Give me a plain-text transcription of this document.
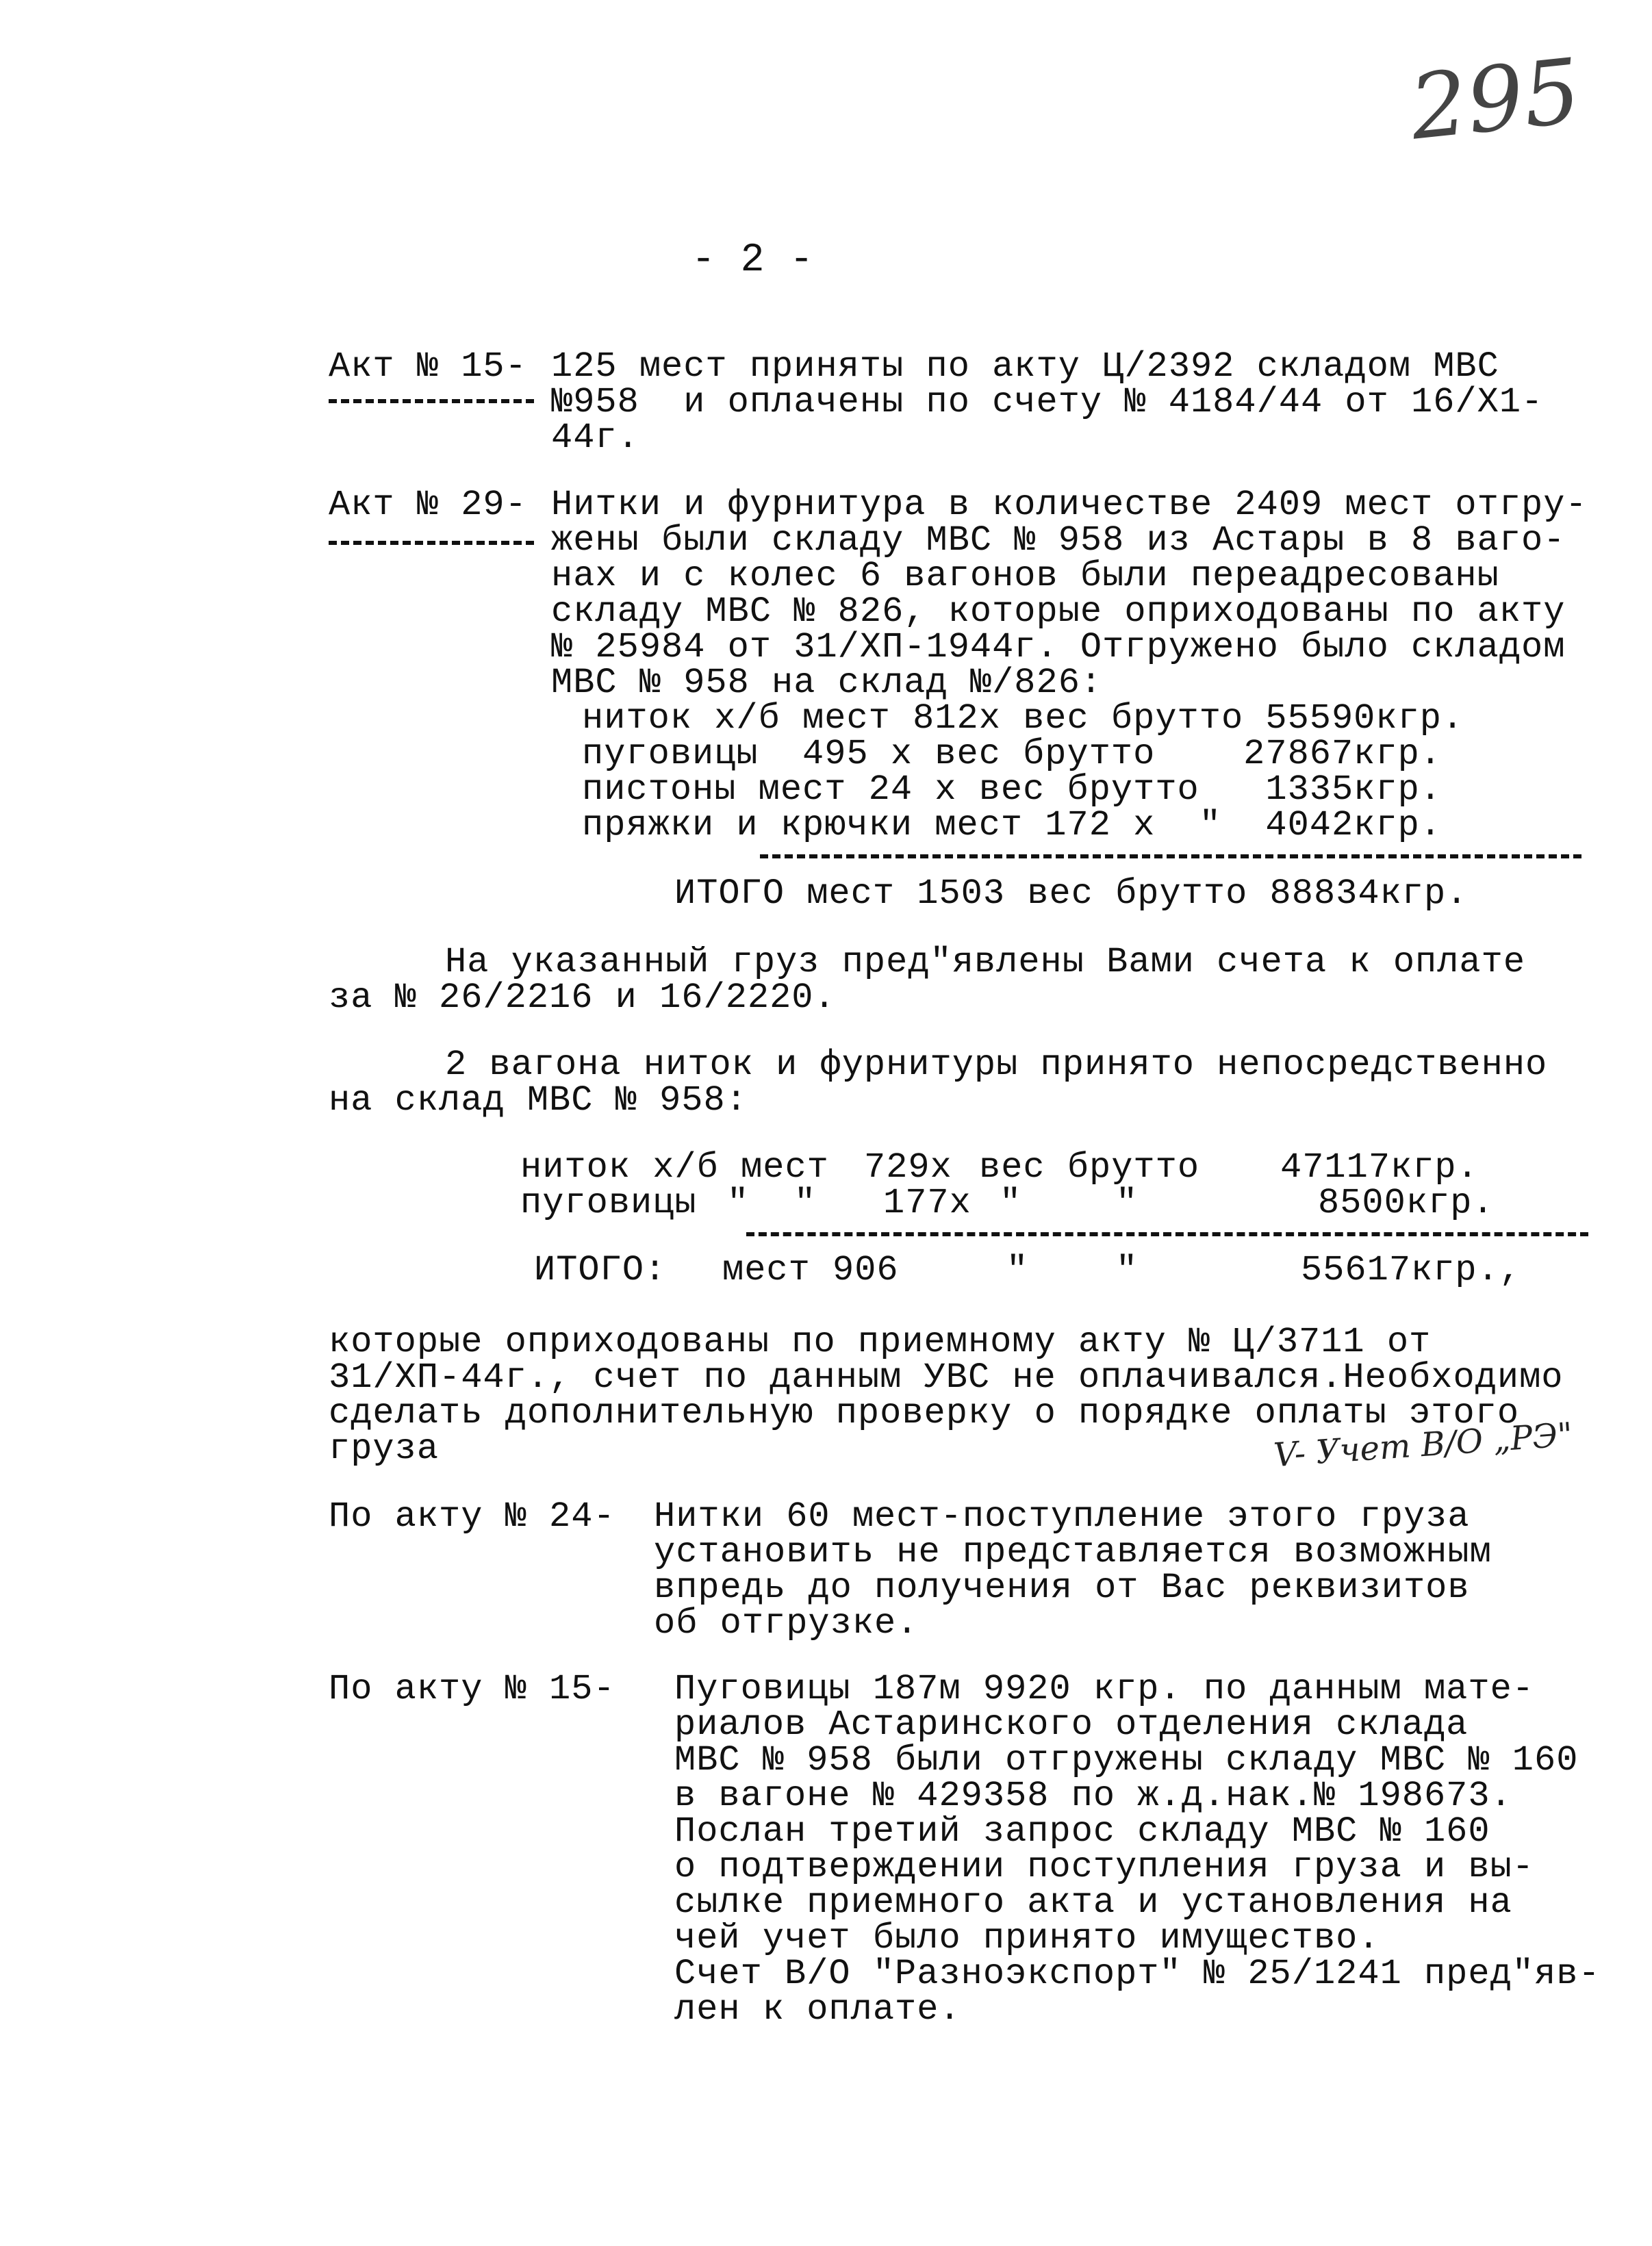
295
- 2 -
Акт № 15- 125 мест приняты по акту Ц/2392 складом МВС
№958  и оплачены по счету № 4184/44 от 16/Х1-
44г.
Акт № 29- Нитки и фурнитура в количестве 2409 мест отгру-
жены были складу МВС № 958 из Астары в 8 ваго-
нах и с колес 6 вагонов были переадресованы
складу МВС № 826, которые оприходованы по акту
№ 25984 от 31/ХП-1944г. Отгружено было складом
МВС № 958 на склад №/826:
ниток х/б мест 812х вес брутто 55590кгр.
пуговицы  495 х вес брутто    27867кгр.
пистоны мест 24 х вес брутто   1335кгр.
пряжки и крючки мест 172 х  "  4042кгр.
ИТОГО мест 1503 вес брутто 88834кгр.
На указанный груз пред"явлены Вами счета к оплате
за № 26/2216 и 16/2220.
2 вагона ниток и фурнитуры принято непосредственно
на склад МВС № 958:
ниток х/б мест 729х вес брутто 47117кгр.
пуговицы " " 177х "	"	8500кгр.
ИТОГО: мест 906	" "	55617кгр.,
которые оприходованы по приемному акту № Ц/3711 от
31/ХП-44г., счет по данным УВС не оплачивался.Необходимо
сделать дополнительную проверку о порядке оплаты этого
груза	V- Учет В/О „РЭ"
По акту № 24- Нитки 60 мест-поступление этого груза
установить не представляется возможным
впредь до получения от Вас реквизитов
об отгрузке.
По акту № 15- Пуговицы 187м 9920 кгр. по данным мате-
риалов Астаринского отделения склада
МВС № 958 были отгружены складу МВС № 160
в вагоне № 429358 по ж.д.нак.№ 198673.
Послан третий запрос складу МВС № 160
о подтверждении поступления груза и вы-
сылке приемного акта и установления на
чей учет было принято имущество.
Счет В/О "Разноэкспорт" № 25/1241 пред"яв-
лен к оплате.
